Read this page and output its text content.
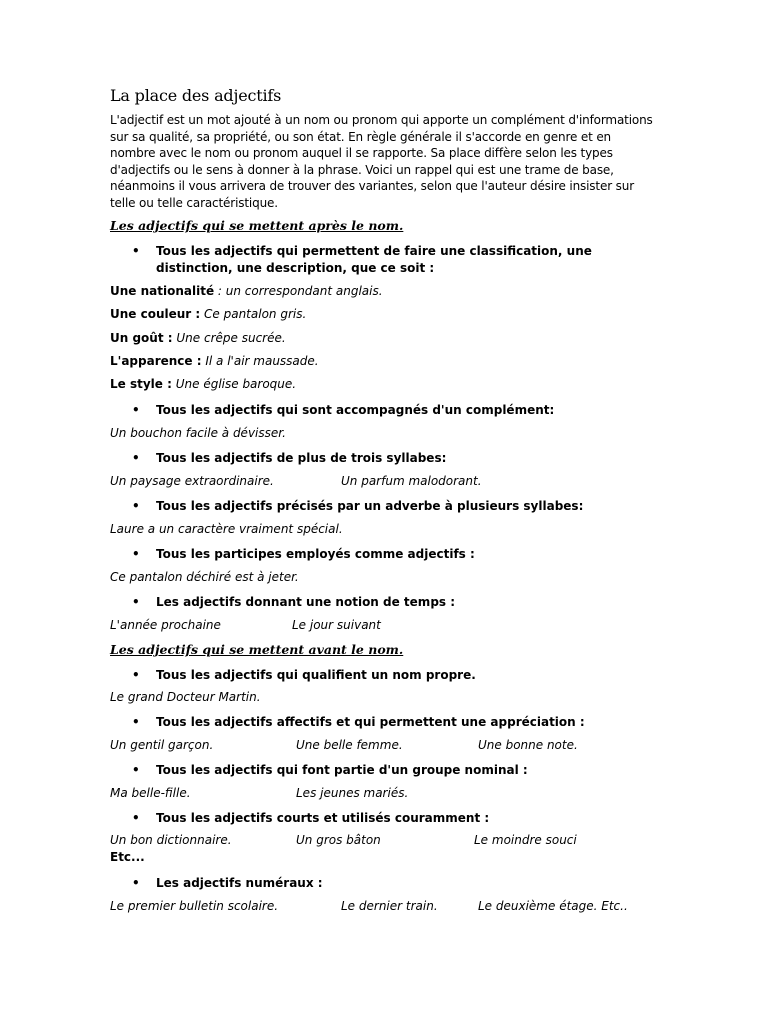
La place des adjectifs
L'adjectif est un mot ajouté à un nom ou pronom qui apporte un complément d'informations sur sa qualité, sa propriété, ou son état. En règle générale il s'accorde en genre et en nombre avec le nom ou pronom auquel il se rapporte. Sa place diffère selon les types d'adjectifs ou le sens à donner à la phrase. Voici un rappel qui est une trame de base, néanmoins il vous arrivera de trouver des variantes, selon que l'auteur désire insister sur telle ou telle caractéristique.
Les adjectifs qui se mettent après le nom.
• Tous les adjectifs qui permettent de faire une classification, une distinction, une description, que ce soit :
Une nationalité : un correspondant anglais.
Une couleur : Ce pantalon gris.
Un goût : Une crêpe sucrée.
L'apparence : Il a l'air maussade.
Le style : Une église baroque.
• Tous les adjectifs qui sont accompagnés d'un complément:
Un bouchon facile à dévisser.
• Tous les adjectifs de plus de trois syllabes:
Un paysage extraordinaire.	Un parfum malodorant.
• Tous les adjectifs précisés par un adverbe à plusieurs syllabes:
Laure a un caractère vraiment spécial.
• Tous les participes employés comme adjectifs :
Ce pantalon déchiré est à jeter.
• Les adjectifs donnant une notion de temps :
L'année prochaine	Le jour suivant
Les adjectifs qui se mettent avant le nom.
• Tous les adjectifs qui qualifient un nom propre.
Le grand Docteur Martin.
• Tous les adjectifs affectifs et qui permettent une appréciation :
Un gentil garçon.	Une belle femme.	Une bonne note.
• Tous les adjectifs qui font partie d'un groupe nominal :
Ma belle-fille.	Les jeunes mariés.
• Tous les adjectifs courts et utilisés couramment :
Un bon dictionnaire.	Un gros bâton	Le moindre souci
Etc...
• Les adjectifs numéraux :
Le premier bulletin scolaire.	Le dernier train.	Le deuxième étage. Etc..
